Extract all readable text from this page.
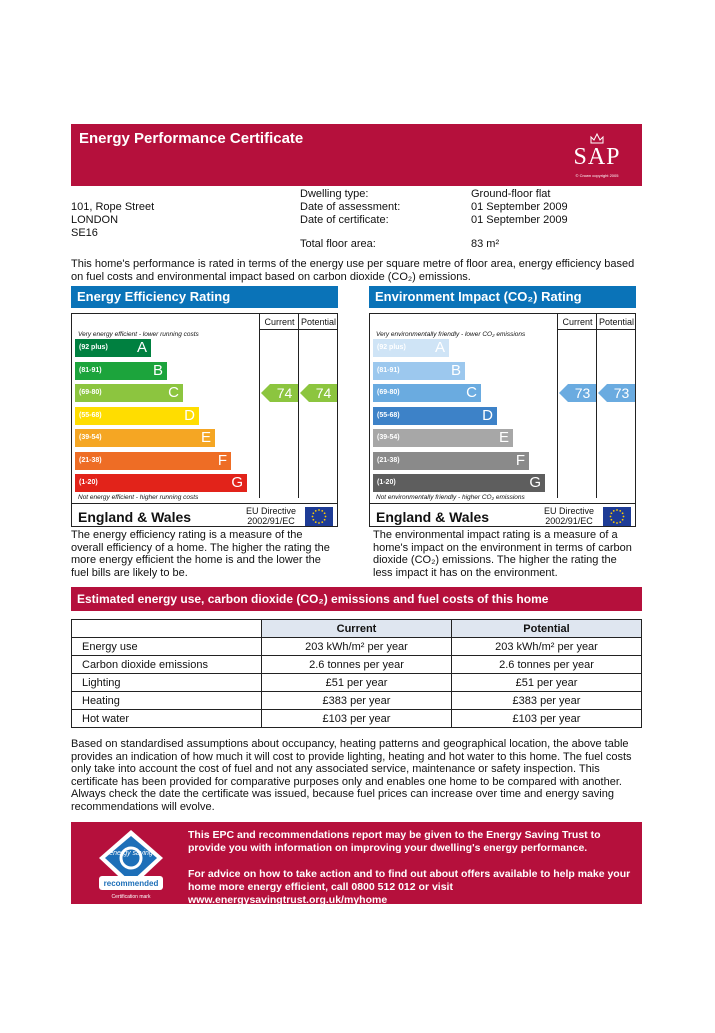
Energy Performance Certificate
SAP
© Crown copyright 2005
101, Rope Street
LONDON
SE16
Dwelling type:	Ground-floor flat
Date of assessment:	01 September 2009
Date of certificate:	01 September 2009
Total floor area:	83 m²
This home's performance is rated in terms of the energy use per square metre of floor area, energy efficiency based on fuel costs and environmental impact based on carbon dioxide (CO₂) emissions.
Energy Efficiency Rating
Current Potential
Very energy efficient - lower running costs
Not energy efficient - higher running costs
England & Wales	EU Directive
2002/91/EC
(92 plus) A
(81-91)	B
(69-80)	C
(55-68)	D
(39-54)	E
(21-38)	F
(1-20)	G
74	74
Environment Impact (CO₂) Rating
Current Potential
Very environmentally friendly - lower CO₂ emissions
Not environmentally friendly - higher CO₂ emissions
England & Wales	EU Directive
2002/91/EC
(92 plus) A
(81-91)	B
(69-80)	C
(55-68)	D
(39-54)	E
(21-38)	F
(1-20)	G
73	73
The energy efficiency rating is a measure of the overall efficiency of a home. The higher the rating the more energy efficient the home is and the lower the fuel bills are likely to be.
The environmental impact rating is a measure of a home's impact on the environment in terms of carbon dioxide (CO₂) emissions. The higher the rating the less impact it has on the environment.
Estimated energy use, carbon dioxide (CO₂) emissions and fuel costs of this home
	Current	Potential
Energy use	203 kWh/m² per year	203 kWh/m² per year
Carbon dioxide emissions	2.6 tonnes per year	2.6 tonnes per year
Lighting	£51 per year	£51 per year
Heating	£383 per year	£383 per year
Hot water	£103 per year	£103 per year
Based on standardised assumptions about occupancy, heating patterns and geographical location, the above table provides an indication of how much it will cost to provide lighting, heating and hot water to this home. The fuel costs only take into account the cost of fuel and not any associated service, maintenance or safety inspection. This certificate has been provided for comparative purposes only and enables one home to be compared with another. Always check the date the certificate was issued, because fuel prices can increase over time and energy saving recommendations will evolve.
energy saving
recommended
Certification mark
This EPC and recommendations report may be given to the Energy Saving Trust to provide you with information on improving your dwelling's energy performance.
For advice on how to take action and to find out about offers available to help make your home more energy efficient, call 0800 512 012 or visit www.energysavingtrust.org.uk/myhome
